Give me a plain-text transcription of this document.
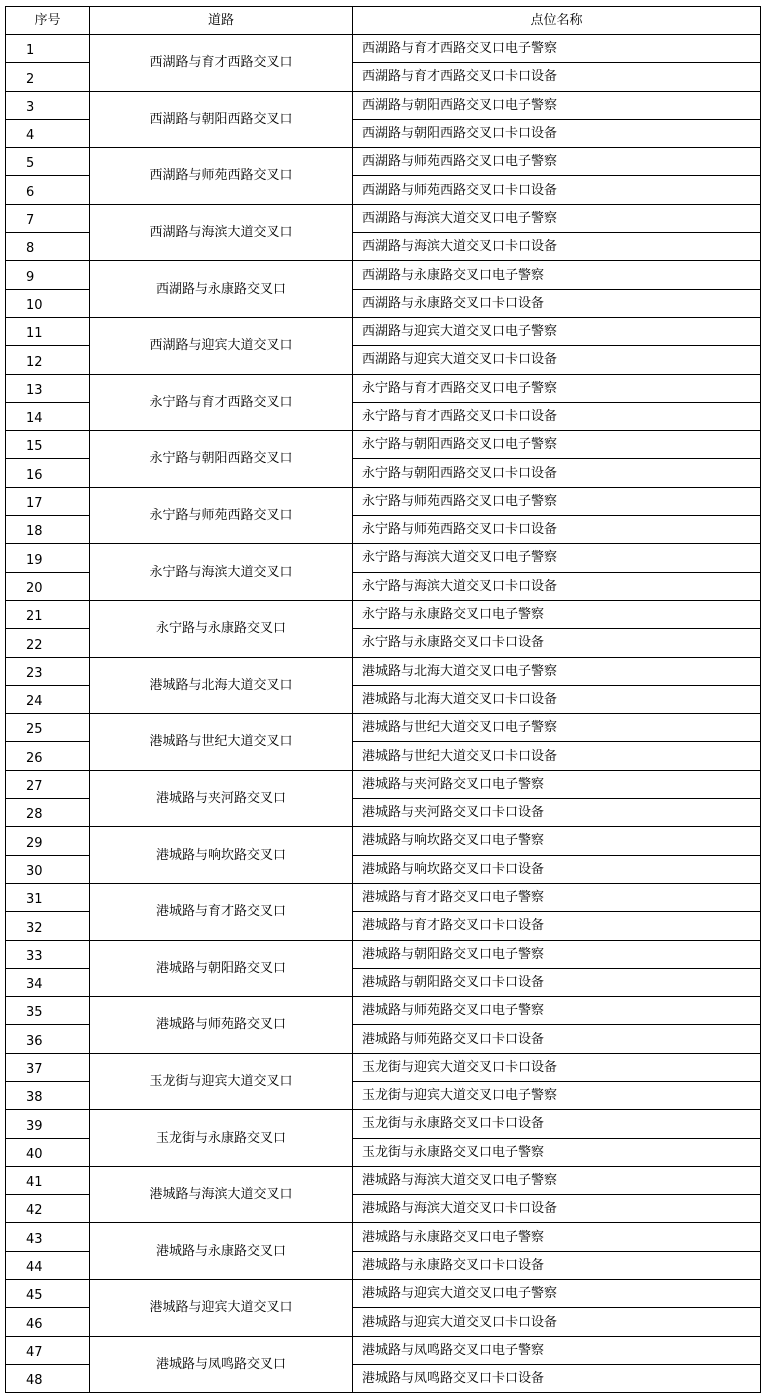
序号	道路	点位名称
1	西湖路与育才西路交叉口	西湖路与育才西路交叉口电子警察
2		西湖路与育才西路交叉口卡口设备
3	西湖路与朝阳西路交叉口	西湖路与朝阳西路交叉口电子警察
4		西湖路与朝阳西路交叉口卡口设备
5	西湖路与师苑西路交叉口	西湖路与师苑西路交叉口电子警察
6		西湖路与师苑西路交叉口卡口设备
7	西湖路与海滨大道交叉口	西湖路与海滨大道交叉口电子警察
8		西湖路与海滨大道交叉口卡口设备
9	西湖路与永康路交叉口	西湖路与永康路交叉口电子警察
10		西湖路与永康路交叉口卡口设备
11	西湖路与迎宾大道交叉口	西湖路与迎宾大道交叉口电子警察
12		西湖路与迎宾大道交叉口卡口设备
13	永宁路与育才西路交叉口	永宁路与育才西路交叉口电子警察
14		永宁路与育才西路交叉口卡口设备
15	永宁路与朝阳西路交叉口	永宁路与朝阳西路交叉口电子警察
16		永宁路与朝阳西路交叉口卡口设备
17	永宁路与师苑西路交叉口	永宁路与师苑西路交叉口电子警察
18		永宁路与师苑西路交叉口卡口设备
19	永宁路与海滨大道交叉口	永宁路与海滨大道交叉口电子警察
20		永宁路与海滨大道交叉口卡口设备
21	永宁路与永康路交叉口	永宁路与永康路交叉口电子警察
22		永宁路与永康路交叉口卡口设备
23	港城路与北海大道交叉口	港城路与北海大道交叉口电子警察
24		港城路与北海大道交叉口卡口设备
25	港城路与世纪大道交叉口	港城路与世纪大道交叉口电子警察
26		港城路与世纪大道交叉口卡口设备
27	港城路与夹河路交叉口	港城路与夹河路交叉口电子警察
28		港城路与夹河路交叉口卡口设备
29	港城路与响坎路交叉口	港城路与响坎路交叉口电子警察
30		港城路与响坎路交叉口卡口设备
31	港城路与育才路交叉口	港城路与育才路交叉口电子警察
32		港城路与育才路交叉口卡口设备
33	港城路与朝阳路交叉口	港城路与朝阳路交叉口电子警察
34		港城路与朝阳路交叉口卡口设备
35	港城路与师苑路交叉口	港城路与师苑路交叉口电子警察
36		港城路与师苑路交叉口卡口设备
37	玉龙街与迎宾大道交叉口	玉龙街与迎宾大道交叉口卡口设备
38		玉龙街与迎宾大道交叉口电子警察
39	玉龙街与永康路交叉口	玉龙街与永康路交叉口卡口设备
40		玉龙街与永康路交叉口电子警察
41	港城路与海滨大道交叉口	港城路与海滨大道交叉口电子警察
42		港城路与海滨大道交叉口卡口设备
43	港城路与永康路交叉口	港城路与永康路交叉口电子警察
44		港城路与永康路交叉口卡口设备
45	港城路与迎宾大道交叉口	港城路与迎宾大道交叉口电子警察
46		港城路与迎宾大道交叉口卡口设备
47	港城路与凤鸣路交叉口	港城路与凤鸣路交叉口电子警察
48		港城路与凤鸣路交叉口卡口设备
